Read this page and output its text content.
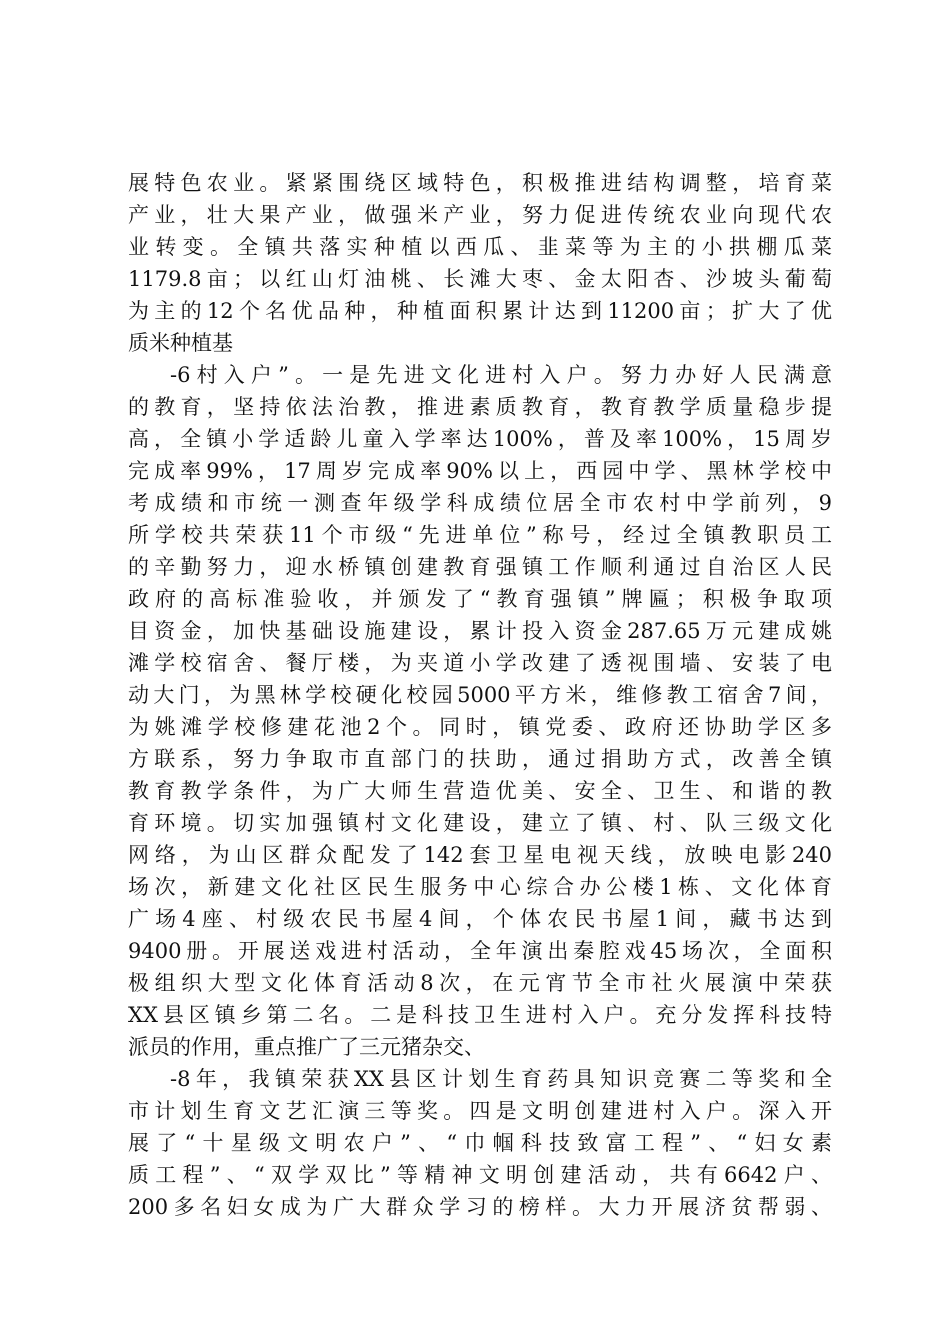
展特色农业。紧紧围绕区域特色，积极推进结构调整，培育菜
产业，壮大果产业，做强米产业，努力促进传统农业向现代农
业转变。全镇共落实种植以西瓜、韭菜等为主的小拱棚瓜菜
1179.8亩；以红山灯油桃、长滩大枣、金太阳杏、沙坡头葡萄
为主的12个名优品种，种植面积累计达到11200亩；扩大了优
质米种植基
-6村入户”。一是先进文化进村入户。努力办好人民满意
的教育，坚持依法治教，推进素质教育，教育教学质量稳步提
高，全镇小学适龄儿童入学率达100%，普及率100%，15周岁
完成率99%，17周岁完成率90%以上，西园中学、黑林学校中
考成绩和市统一测查年级学科成绩位居全市农村中学前列，9
所学校共荣获11个市级“先进单位”称号，经过全镇教职员工
的辛勤努力，迎水桥镇创建教育强镇工作顺利通过自治区人民
政府的高标准验收，并颁发了“教育强镇”牌匾；积极争取项
目资金，加快基础设施建设，累计投入资金287.65万元建成姚
滩学校宿舍、餐厅楼，为夹道小学改建了透视围墙、安装了电
动大门，为黑林学校硬化校园5000平方米，维修教工宿舍7间，
为姚滩学校修建花池2个。同时，镇党委、政府还协助学区多
方联系，努力争取市直部门的扶助，通过捐助方式，改善全镇
教育教学条件，为广大师生营造优美、安全、卫生、和谐的教
育环境。切实加强镇村文化建设，建立了镇、村、队三级文化
网络，为山区群众配发了142套卫星电视天线，放映电影240
场次，新建文化社区民生服务中心综合办公楼1栋、文化体育
广场4座、村级农民书屋4间，个体农民书屋1间，藏书达到
9400册。开展送戏进村活动，全年演出秦腔戏45场次，全面积
极组织大型文化体育活动8次，在元宵节全市社火展演中荣获
XX县区镇乡第二名。二是科技卫生进村入户。充分发挥科技特
派员的作用，重点推广了三元猪杂交、
-8年，我镇荣获XX县区计划生育药具知识竞赛二等奖和全
市计划生育文艺汇演三等奖。四是文明创建进村入户。深入开
展了“十星级文明农户”、“巾帼科技致富工程”、“妇女素
质工程”、“双学双比”等精神文明创建活动，共有6642户、
200多名妇女成为广大群众学习的榜样。大力开展济贫帮弱、
